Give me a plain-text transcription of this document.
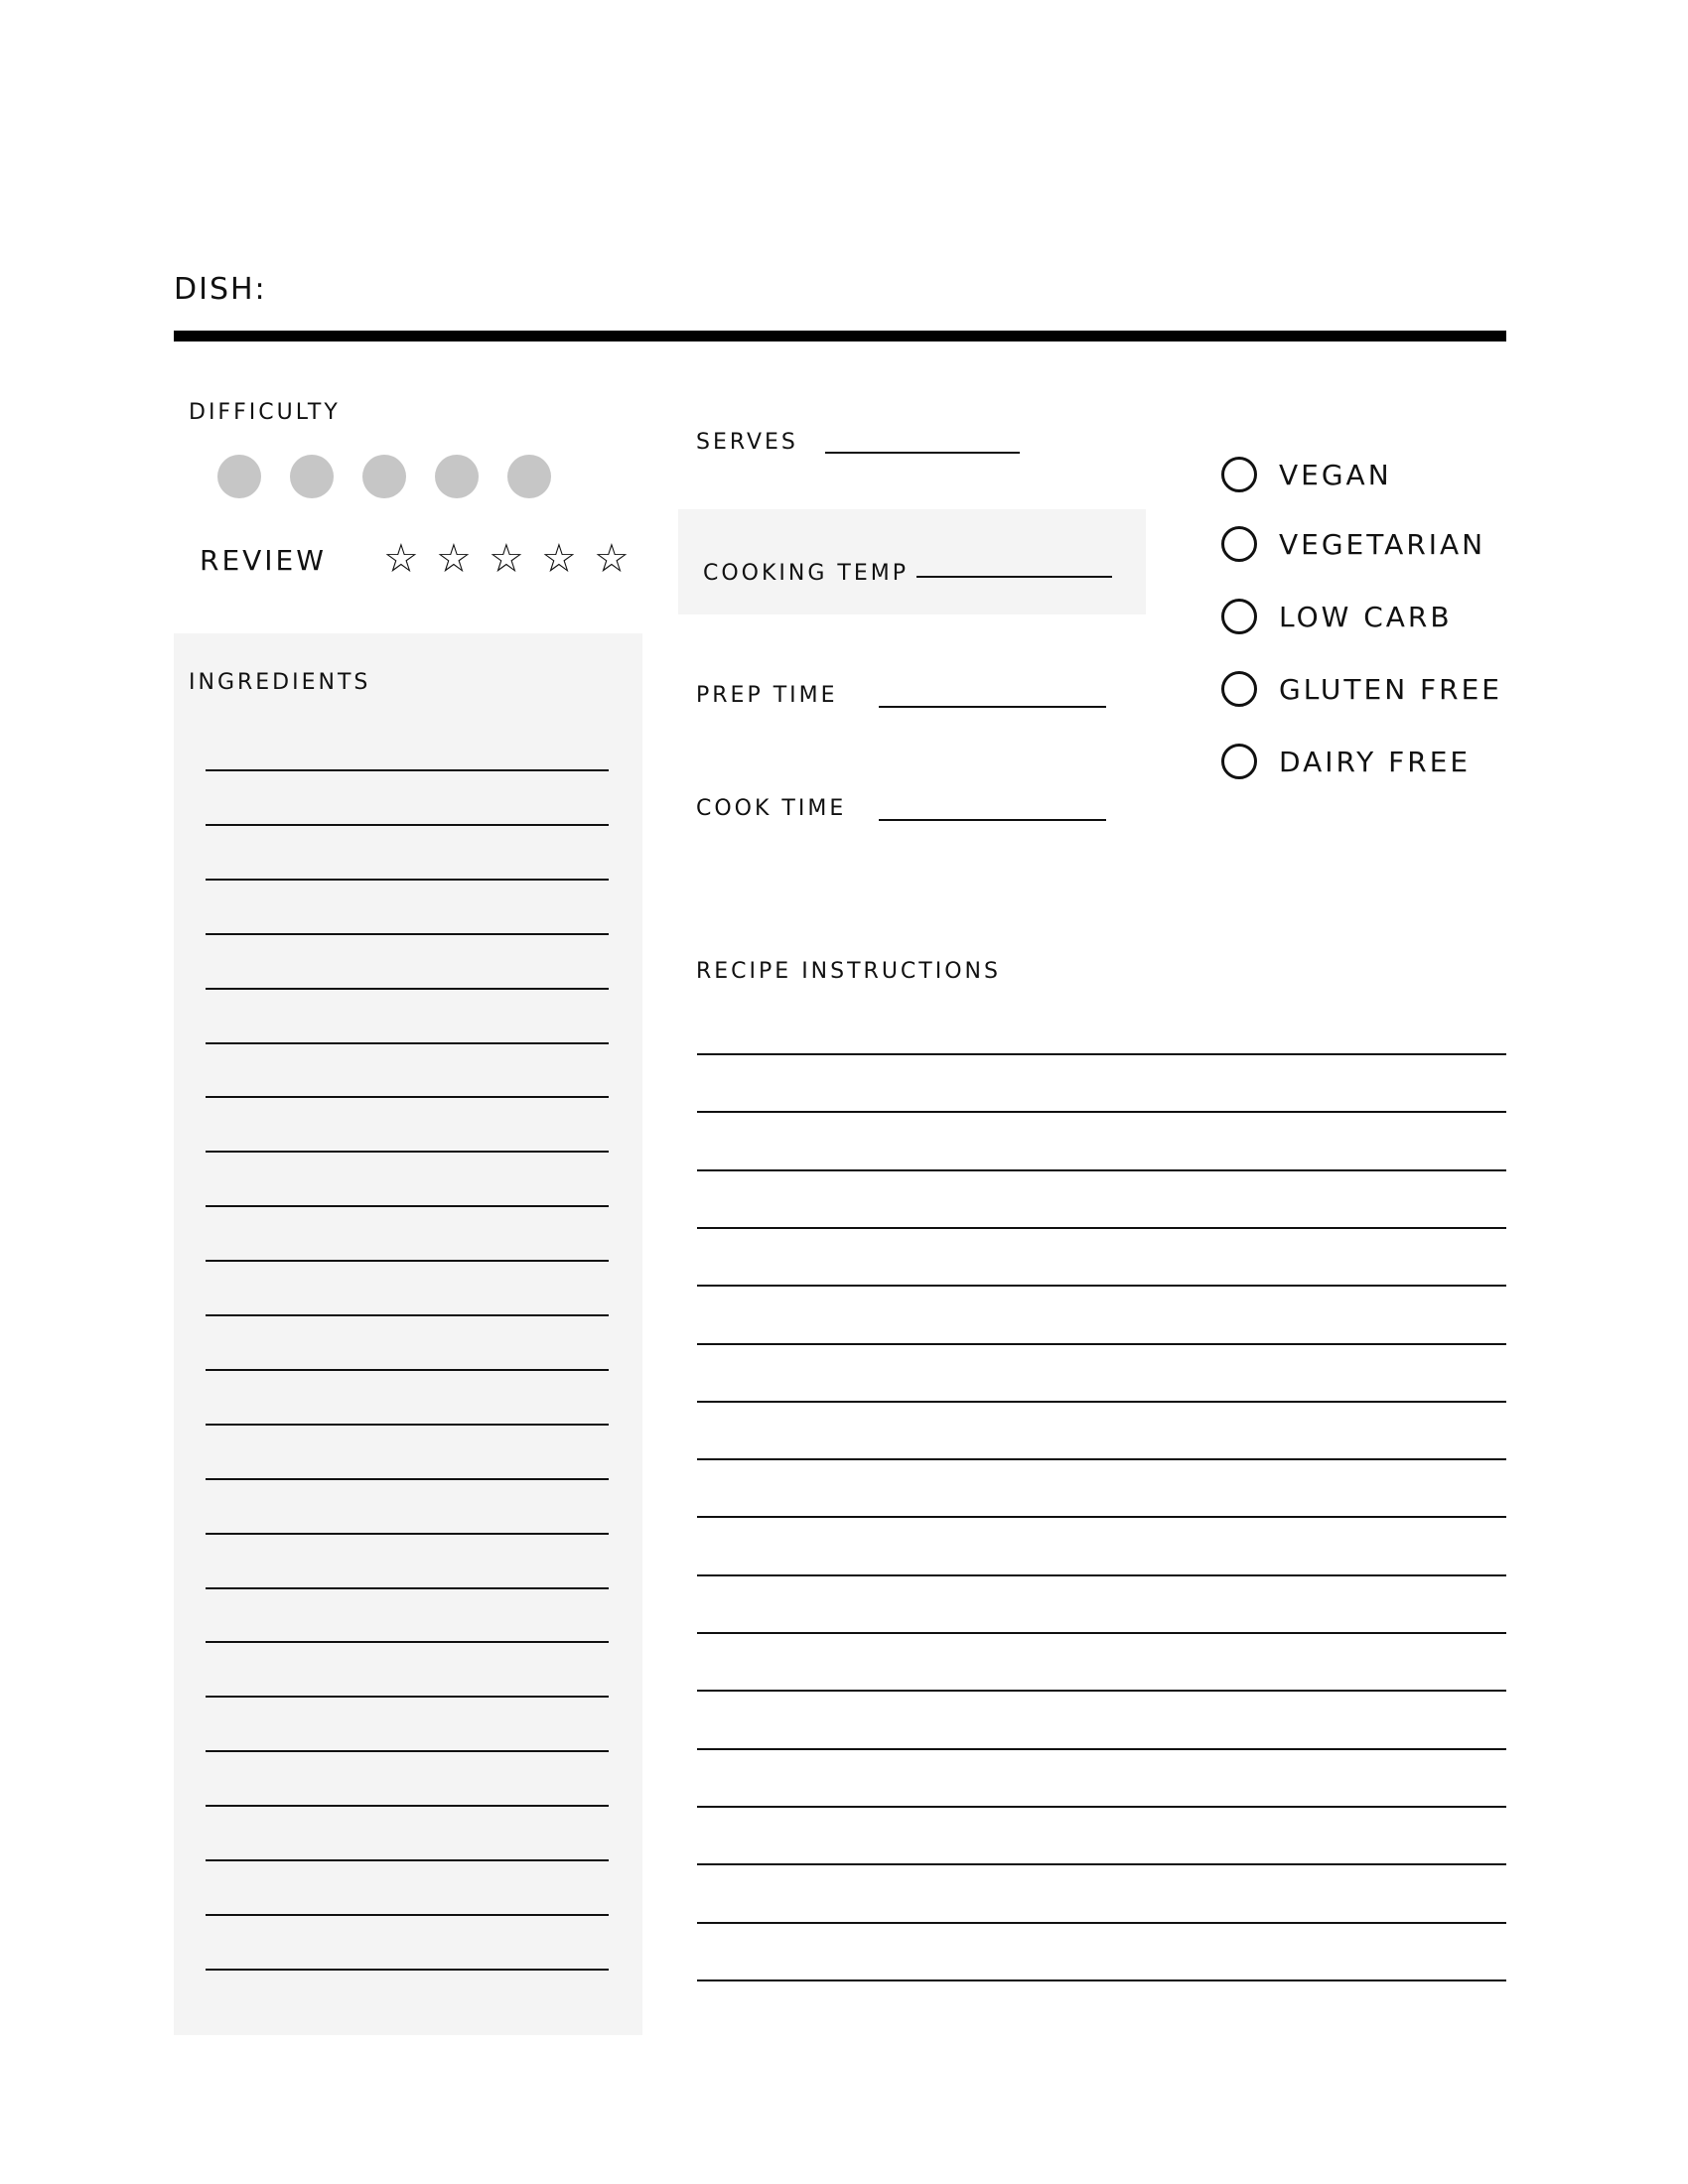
DISH:
DIFFICULTY
REVIEW ☆ ☆ ☆ ☆ ☆
INGREDIENTS
SERVES
COOKING TEMP
PREP TIME
COOK TIME
VEGAN
VEGETARIAN
LOW CARB
GLUTEN FREE
DAIRY FREE
RECIPE INSTRUCTIONS
